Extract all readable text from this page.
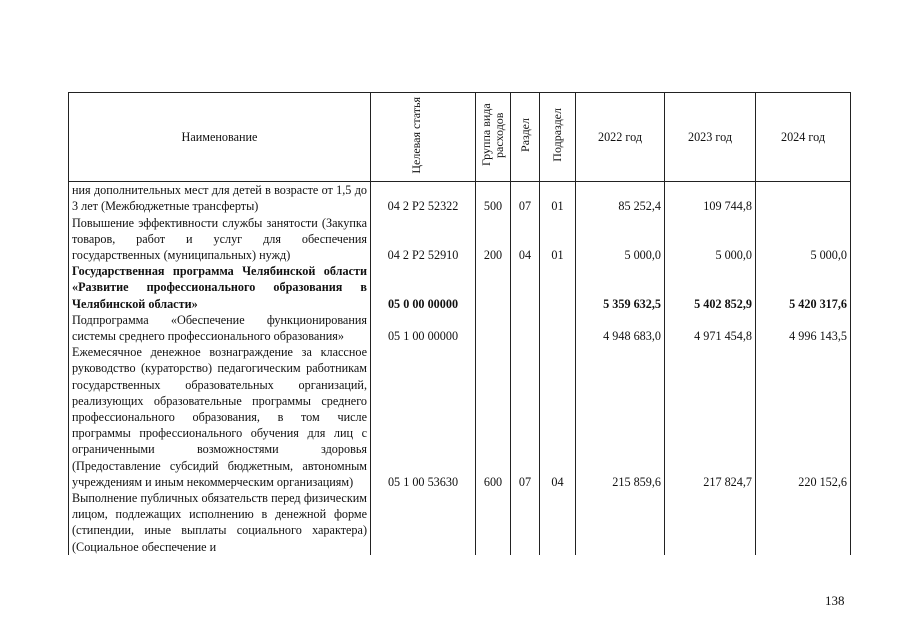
Наименование	Целевая статья	Группа вида расходов	Раздел	Подраздел	2022 год	2023 год	2024 год
ния дополнительных мест для детей в возрасте от 1,5 до 3 лет (Межбюджетные трансферты)	04 2 P2 52322	500	07	01	85 252,4	109 744,8	
Повышение эффективности службы занятости (Закупка товаров, работ и услуг для обеспечения государственных (муниципальных) нужд)	04 2 P2 52910	200	04	01	5 000,0	5 000,0	5 000,0
Государственная программа Челябинской области «Развитие профессионального образования в Челябинской области»	05 0 00 00000				5 359 632,5	5 402 852,9	5 420 317,6
Подпрограмма «Обеспечение функционирования системы среднего профессионального образования»	05 1 00 00000				4 948 683,0	4 971 454,8	4 996 143,5
Ежемесячное денежное вознаграждение за классное руководство (кураторство) педагогическим работникам государственных образовательных организаций, реализующих образовательные программы среднего профессионального образования, в том числе программы профессионального обучения для лиц с ограниченными возможностями здоровья (Предоставление субсидий бюджетным, автономным учреждениям и иным некоммерческим организациям)	05 1 00 53630	600	07	04	215 859,6	217 824,7	220 152,6
Выполнение публичных обязательств перед физическим лицом, подлежащих исполнению в денежной форме (стипендии, иные выплаты социального характера) (Социальное обеспечение и							
138
